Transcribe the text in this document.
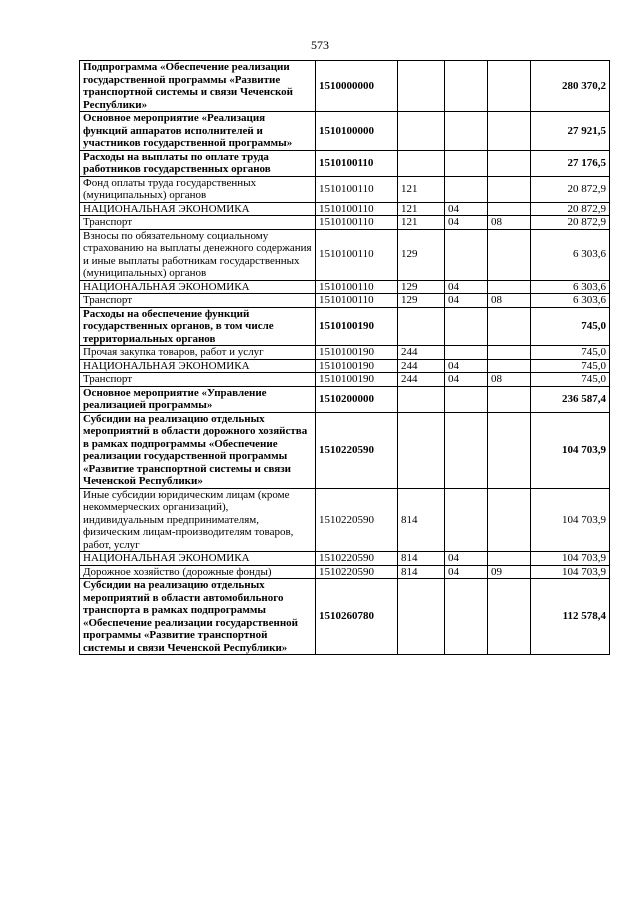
573
Подпрограмма «Обеспечение реализации государственной программы «Развитие транспортной системы и связи Чеченской Республики»	1510000000				280 370,2
Основное мероприятие «Реализация функций аппаратов исполнителей и участников государственной программы»	1510100000				27 921,5
Расходы на выплаты по оплате труда работников государственных органов	1510100110				27 176,5
Фонд оплаты труда государственных (муниципальных) органов	1510100110	121			20 872,9
НАЦИОНАЛЬНАЯ ЭКОНОМИКА	1510100110	121	04		20 872,9
Транспорт	1510100110	121	04	08	20 872,9
Взносы по обязательному социальному страхованию на выплаты денежного содержания и иные выплаты работникам государственных (муниципальных) органов	1510100110	129			6 303,6
НАЦИОНАЛЬНАЯ ЭКОНОМИКА	1510100110	129	04		6 303,6
Транспорт	1510100110	129	04	08	6 303,6
Расходы на обеспечение функций государственных органов, в том числе территориальных органов	1510100190				745,0
Прочая закупка товаров, работ и услуг	1510100190	244			745,0
НАЦИОНАЛЬНАЯ ЭКОНОМИКА	1510100190	244	04		745,0
Транспорт	1510100190	244	04	08	745,0
Основное мероприятие «Управление реализацией программы»	1510200000				236 587,4
Субсидии на реализацию отдельных мероприятий в области дорожного хозяйства в рамках подпрограммы «Обеспечение реализации государственной программы «Развитие транспортной системы и связи Чеченской Республики»	1510220590				104 703,9
Иные субсидии юридическим лицам (кроме некоммерческих организаций), индивидуальным предпринимателям, физическим лицам-производителям товаров, работ, услуг	1510220590	814			104 703,9
НАЦИОНАЛЬНАЯ ЭКОНОМИКА	1510220590	814	04		104 703,9
Дорожное хозяйство (дорожные фонды)	1510220590	814	04	09	104 703,9
Субсидии на реализацию отдельных мероприятий в области автомобильного транспорта в рамках подпрограммы «Обеспечение реализации государственной программы «Развитие транспортной системы и связи Чеченской Республики»	1510260780				112 578,4
